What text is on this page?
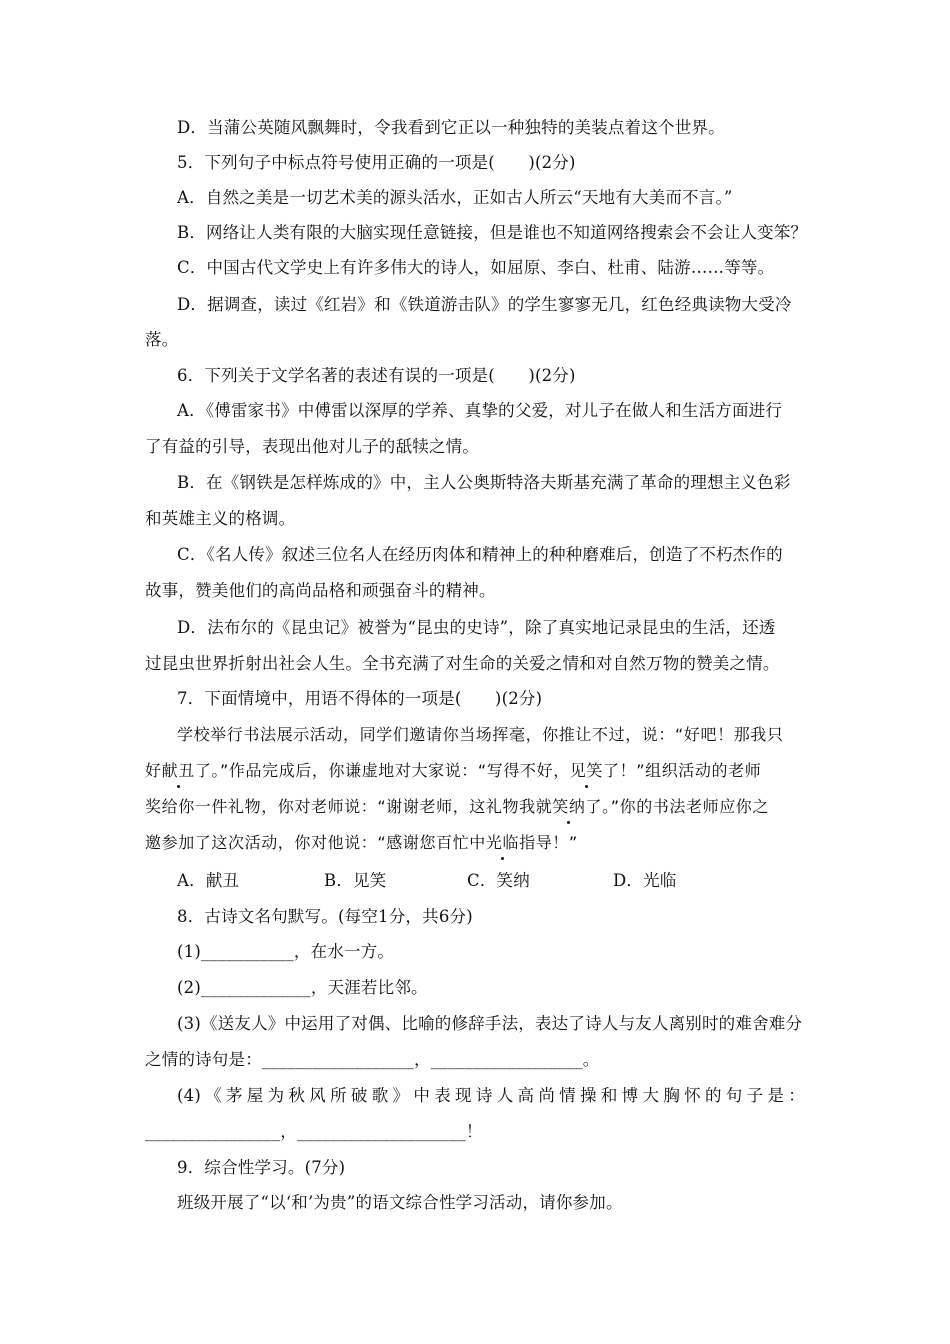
D．当蒲公英随风飘舞时，令我看到它正以一种独特的美装点着这个世界。
5．下列句子中标点符号使用正确的一项是(　　)(2分)
A．自然之美是一切艺术美的源头活水，正如古人所云“天地有大美而不言。”
B．网络让人类有限的大脑实现任意链接，但是谁也不知道网络搜索会不会让人变笨？
C．中国古代文学史上有许多伟大的诗人，如屈原、李白、杜甫、陆游……等等。
D．据调查，读过《红岩》和《铁道游击队》的学生寥寥无几，红色经典读物大受冷
落。
6．下列关于文学名著的表述有误的一项是(　　)(2分)
A．《傅雷家书》中傅雷以深厚的学养、真挚的父爱，对儿子在做人和生活方面进行
了有益的引导，表现出他对儿子的舐犊之情。
B．在《钢铁是怎样炼成的》中，主人公奥斯特洛夫斯基充满了革命的理想主义色彩
和英雄主义的格调。
C．《名人传》叙述三位名人在经历肉体和精神上的种种磨难后，创造了不朽杰作的
故事，赞美他们的高尚品格和顽强奋斗的精神。
D．法布尔的《昆虫记》被誉为“昆虫的史诗”，除了真实地记录昆虫的生活，还透
过昆虫世界折射出社会人生。全书充满了对生命的关爱之情和对自然万物的赞美之情。
7．下面情境中，用语不得体的一项是(　　)(2分)
学校举行书法展示活动，同学们邀请你当场挥毫，你推让不过，说：“好吧！那我只
好献丑了。”作品完成后，你谦虚地对大家说：“写得不好，见笑了！”组织活动的老师
奖给你一件礼物，你对老师说：“谢谢老师，这礼物我就笑纳了。”你的书法老师应你之
邀参加了这次活动，你对他说：“感谢您百忙中光临指导！”
A．献丑	B．见笑	C．笑纳	D．光临
8．古诗文名句默写。(每空1分，共6分)
(1)___________，在水一方。
(2)_____________，天涯若比邻。
(3)《送友人》中运用了对偶、比喻的修辞手法，表达了诗人与友人离别时的难舍难分
之情的诗句是：__________________，__________________。
(4)《茅屋为秋风所破歌》中表现诗人高尚情操和博大胸怀的句子是：
________________，____________________！
9．综合性学习。(7分)
班级开展了“以‘和’为贵”的语文综合性学习活动，请你参加。
